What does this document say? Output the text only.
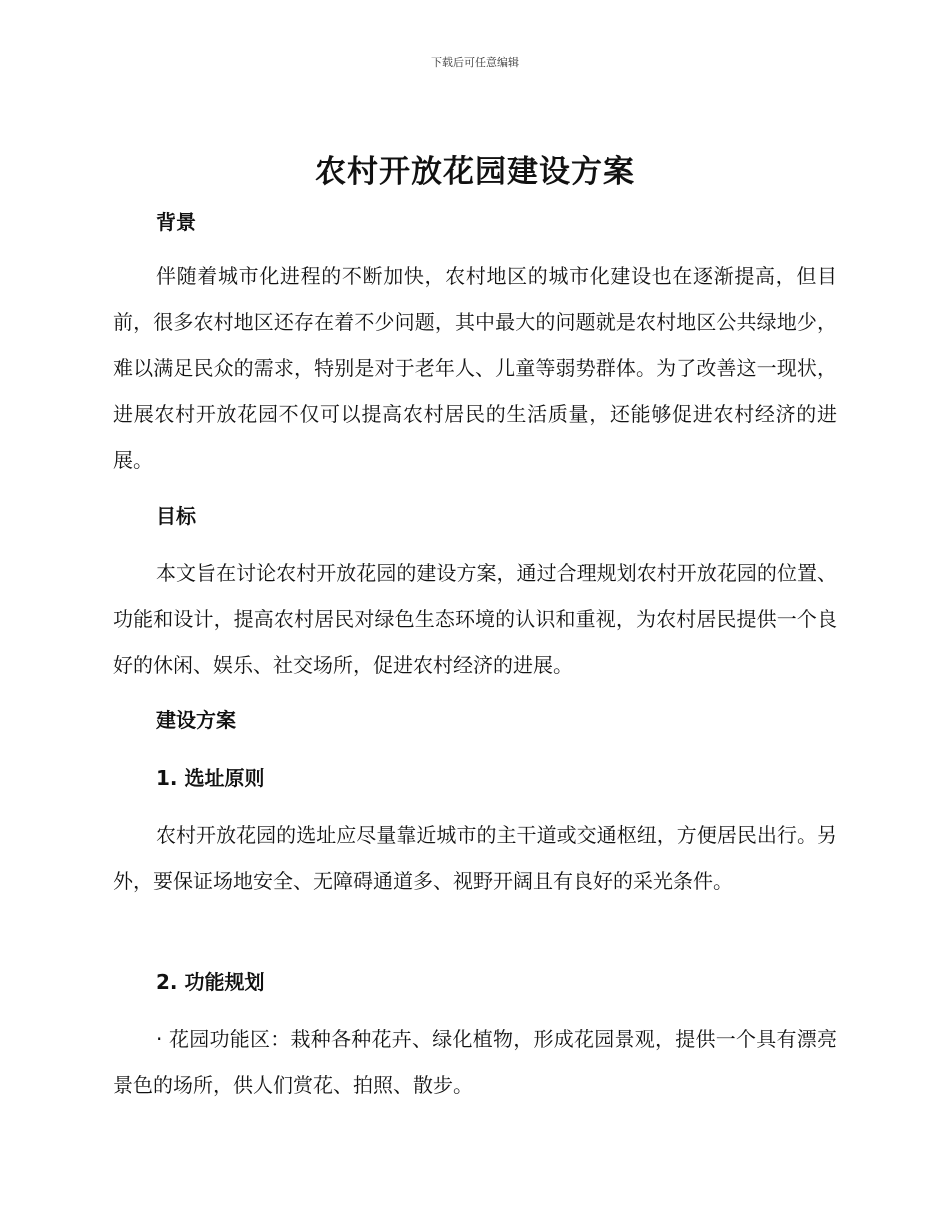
下载后可任意编辑
农村开放花园建设方案
背景

伴随着城市化进程的不断加快，农村地区的城市化建设也在逐渐提高，但目前，很多农村地区还存在着不少问题，其中最大的问题就是农村地区公共绿地少，难以满足民众的需求，特别是对于老年人、儿童等弱势群体。为了改善这一现状，进展农村开放花园不仅可以提高农村居民的生活质量，还能够促进农村经济的进展。

目标

本文旨在讨论农村开放花园的建设方案，通过合理规划农村开放花园的位置、功能和设计，提高农村居民对绿色生态环境的认识和重视，为农村居民提供一个良好的休闲、娱乐、社交场所，促进农村经济的进展。

建设方案
1. 选址原则

农村开放花园的选址应尽量靠近城市的主干道或交通枢纽，方便居民出行。另外，要保证场地安全、无障碍通道多、视野开阔且有良好的采光条件。

2. 功能规划

· 花园功能区：栽种各种花卉、绿化植物，形成花园景观，提供一个具有漂亮景色的场所，供人们赏花、拍照、散步。
